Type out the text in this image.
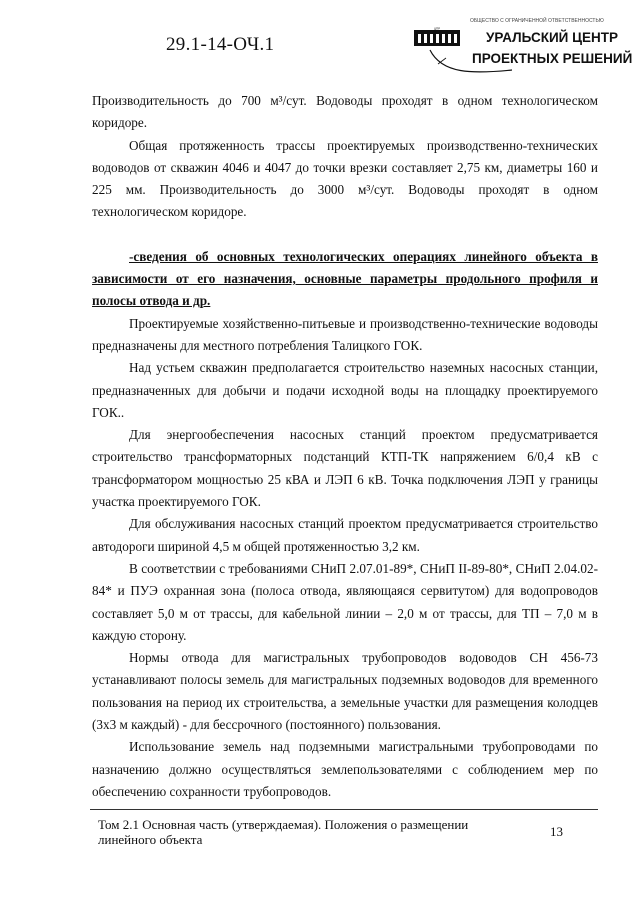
29.1-14-ОЧ.1
ОБЩЕСТВО С ОГРАНИЧЕННОЙ ОТВЕТСТВЕННОСТЬЮ
ЦПР
УРАЛЬСКИЙ ЦЕНТР
ПРОЕКТНЫХ РЕШЕНИЙ

Производительность до 700 м³/сут. Водоводы проходят в одном технологическом коридоре.

Общая протяженность трассы проектируемых производственно-технических водоводов от скважин 4046 и 4047 до точки врезки составляет 2,75 км, диаметры 160 и 225 мм. Производительность до 3000 м³/сут. Водоводы проходят в одном технологическом коридоре.

-сведения об основных технологических операциях линейного объекта в зависимости от его назначения, основные параметры продольного профиля и полосы отвода и др.

Проектируемые хозяйственно-питьевые и производственно-технические водоводы предназначены для местного потребления Талицкого ГОК.

Над устьем скважин предполагается строительство наземных насосных станции, предназначенных для добычи и подачи исходной воды на площадку проектируемого ГОК..

Для энергообеспечения насосных станций проектом предусматривается строительство трансформаторных подстанций КТП-ТК напряжением 6/0,4 кВ с трансформатором мощностью 25 кВА и ЛЭП 6 кВ. Точка подключения ЛЭП у границы участка проектируемого ГОК.

Для обслуживания насосных станций проектом предусматривается строительство автодороги шириной 4,5 м общей протяженностью 3,2 км.

В соответствии с требованиями СНиП 2.07.01-89*, СНиП II-89-80*, СНиП 2.04.02-84* и ПУЭ охранная зона (полоса отвода, являющаяся сервитутом) для водопроводов составляет 5,0 м от трассы, для кабельной линии – 2,0 м от трассы, для ТП – 7,0 м в каждую сторону.

Нормы отвода для магистральных трубопроводов водоводов СН 456-73 устанавливают полосы земель для магистральных подземных водоводов для временного пользования на период их строительства, а земельные участки для размещения колодцев (3х3 м каждый) - для бессрочного (постоянного) пользования.

Использование земель над подземными магистральными трубопроводами по назначению должно осуществляться землепользователями с соблюдением мер по обеспечению сохранности трубопроводов.

Том 2.1 Основная часть (утверждаемая). Положения о размещении линейного объекта
13
